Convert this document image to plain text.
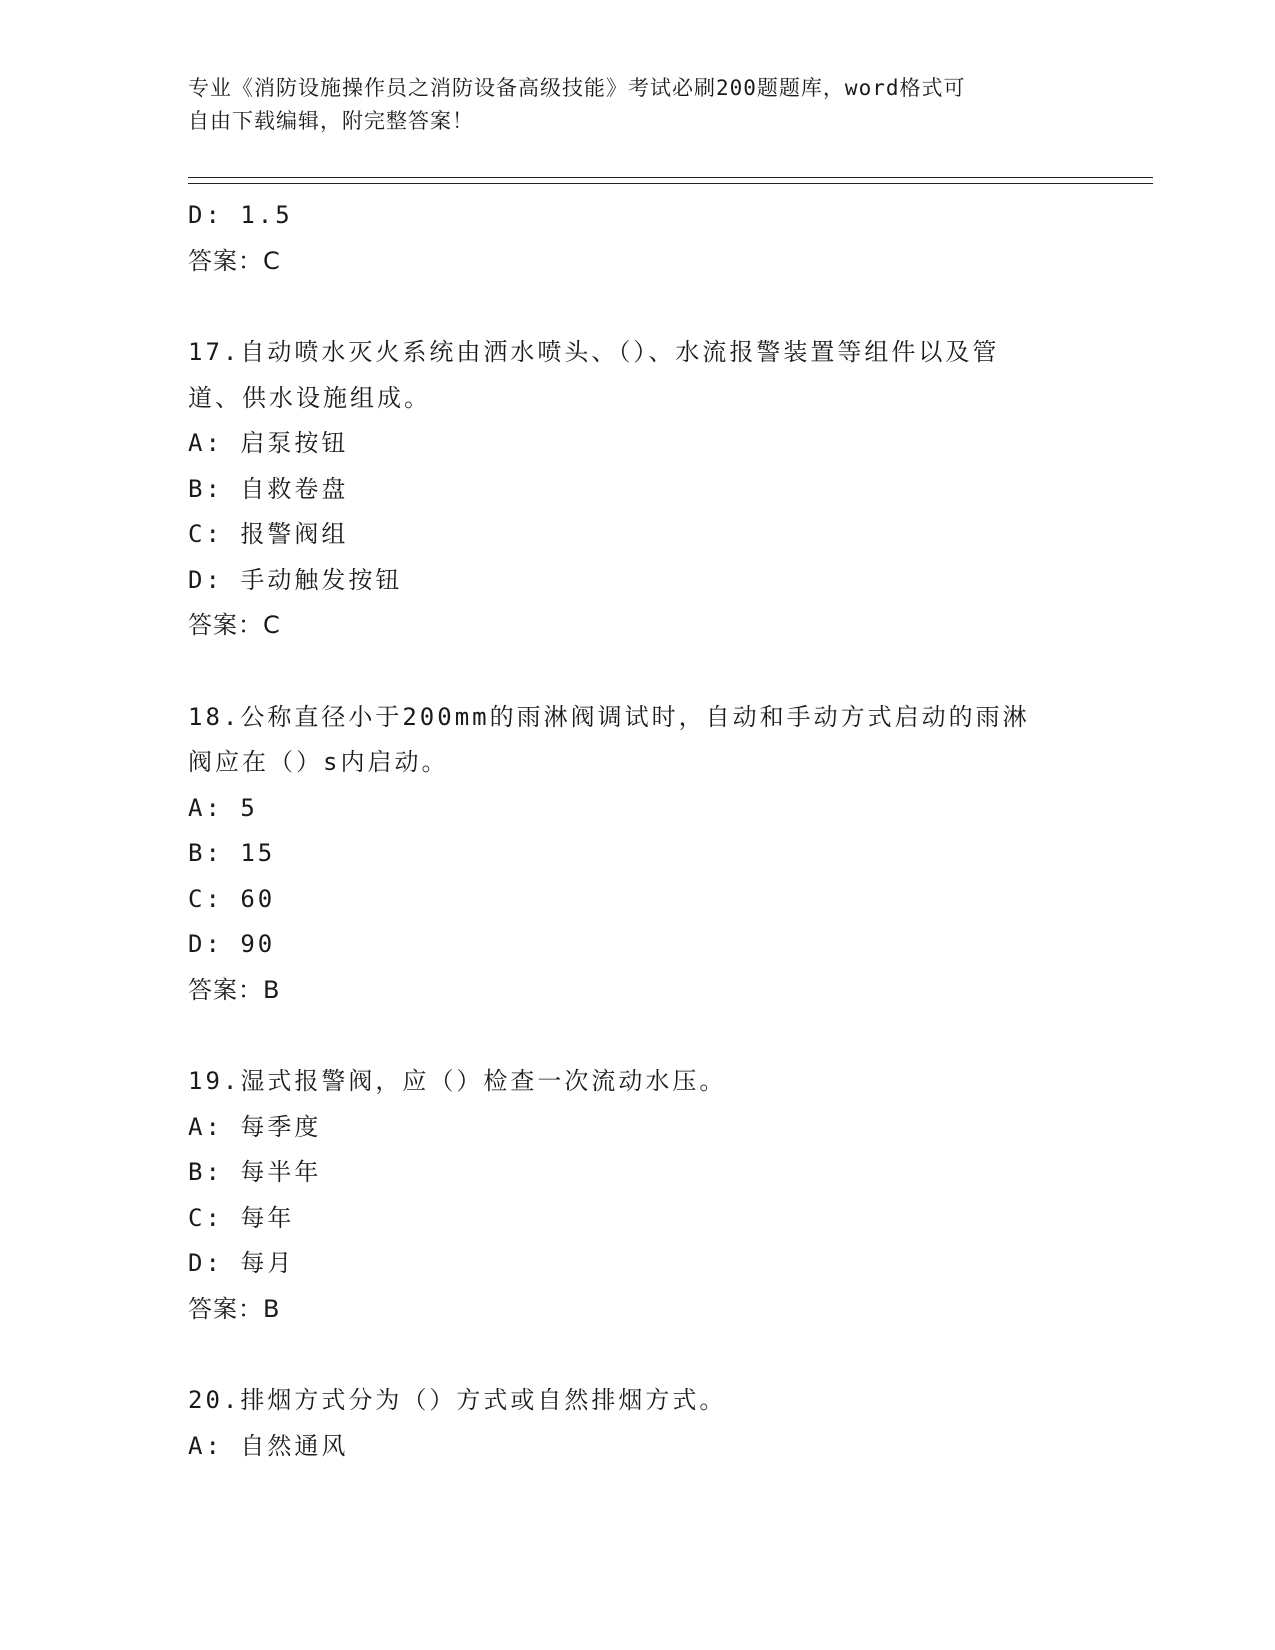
专业《消防设施操作员之消防设备高级技能》考试必刷200题题库，word格式可
自由下载编辑，附完整答案！

D: 1.5

答案：C

17.自动喷水灭火系统由洒水喷头、（）、水流报警装置等组件以及管

道、供水设施组成。

A: 启泵按钮

B: 自救卷盘

C: 报警阀组

D: 手动触发按钮

答案：C

18.公称直径小于200mm的雨淋阀调试时，自动和手动方式启动的雨淋

阀应在（）s内启动。

A: 5

B: 15

C: 60

D: 90

答案：B

19.湿式报警阀，应（）检查一次流动水压。

A: 每季度

B: 每半年

C: 每年

D: 每月

答案：B

20.排烟方式分为（）方式或自然排烟方式。

A: 自然通风
